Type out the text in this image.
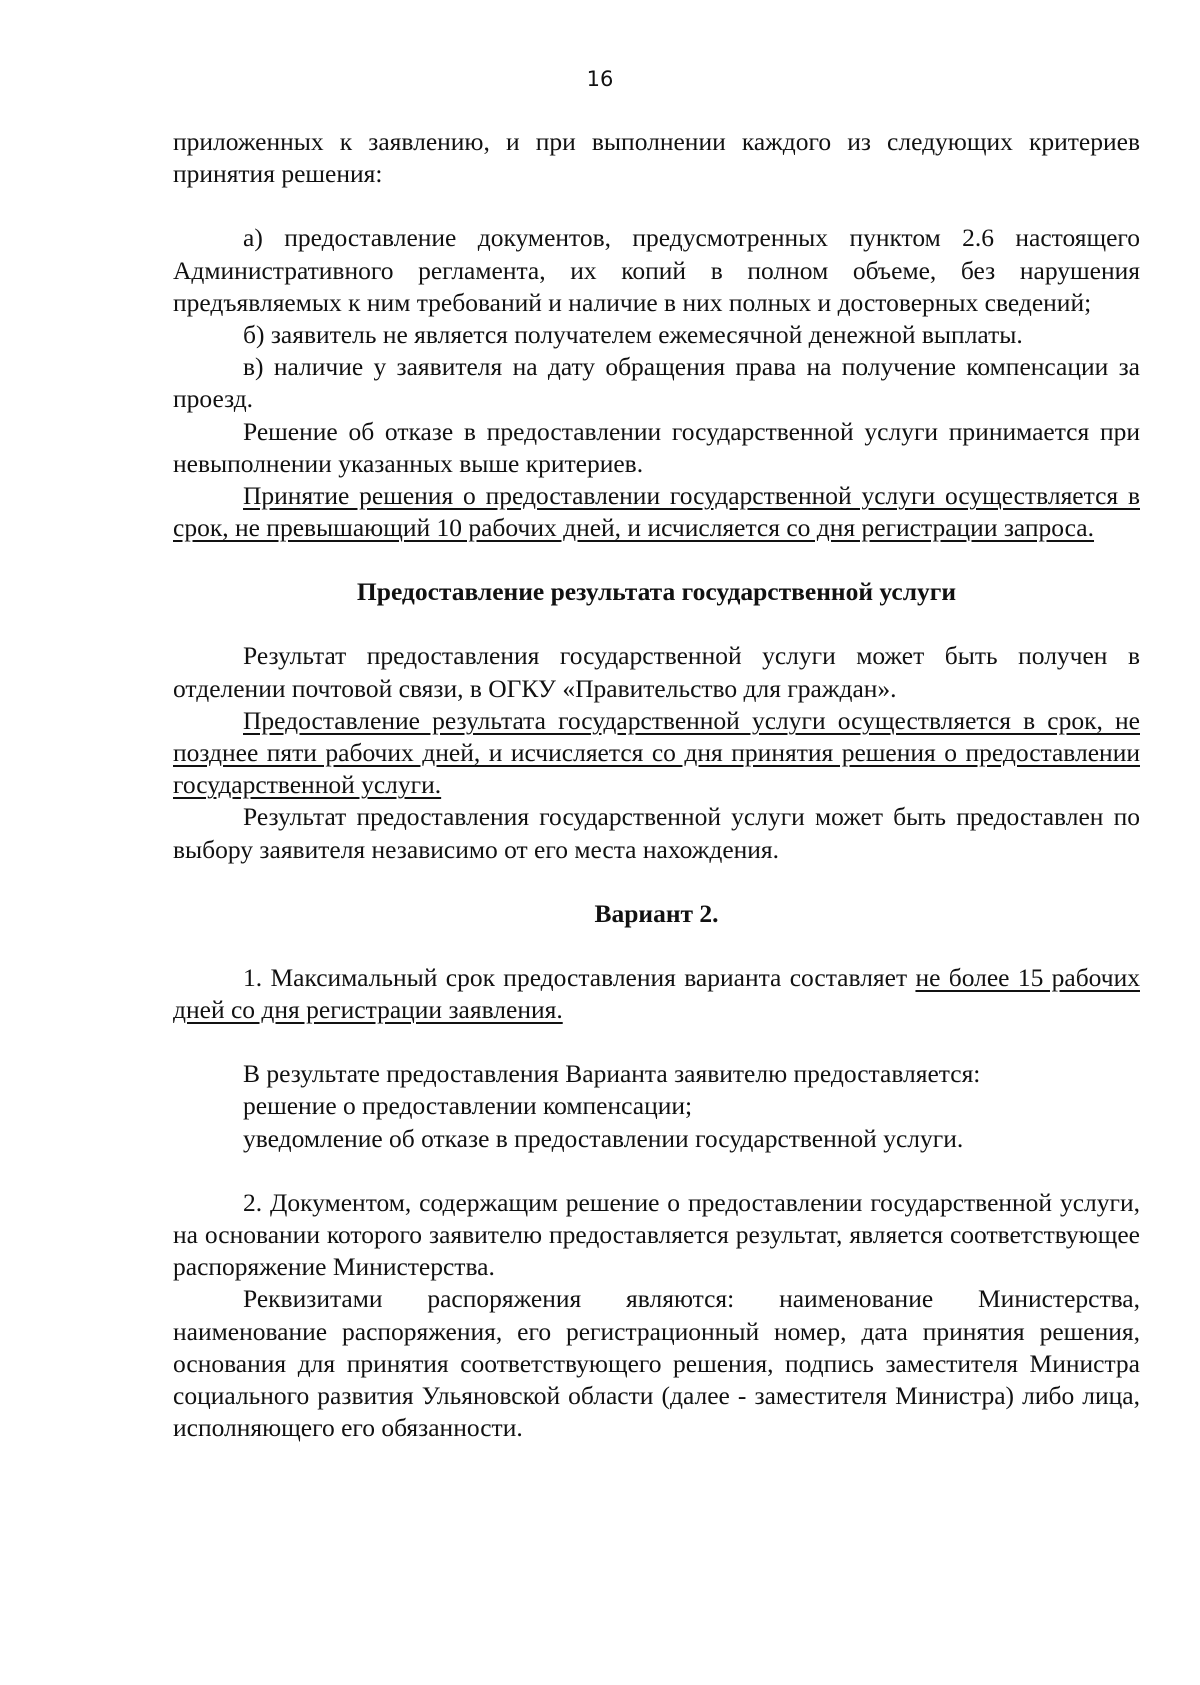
16

приложенных к заявлению, и при выполнении каждого из следующих критериев принятия решения:

а) предоставление документов, предусмотренных пунктом 2.6 настоящего Административного регламента, их копий в полном объеме, без нарушения предъявляемых к ним требований и наличие в них полных и достоверных сведений;

б) заявитель не является получателем ежемесячной денежной выплаты.

в) наличие у заявителя на дату обращения права на получение компенсации за проезд.

Решение об отказе в предоставлении государственной услуги принимается при невыполнении указанных выше критериев.

Принятие решения о предоставлении государственной услуги осуществляется в срок, не превышающий 10 рабочих дней, и исчисляется со дня регистрации запроса.

Предоставление результата государственной услуги

Результат предоставления государственной услуги может быть получен в отделении почтовой связи, в ОГКУ «Правительство для граждан».

Предоставление результата государственной услуги осуществляется в срок, не позднее пяти рабочих дней, и исчисляется со дня принятия решения о предоставлении государственной услуги.

Результат предоставления государственной услуги может быть предоставлен по выбору заявителя независимо от его места нахождения.

Вариант 2.

1. Максимальный срок предоставления варианта составляет не более 15 рабочих дней со дня регистрации заявления.

В результате предоставления Варианта заявителю предоставляется:

решение о предоставлении компенсации;

уведомление об отказе в предоставлении государственной услуги.

2. Документом, содержащим решение о предоставлении государственной услуги, на основании которого заявителю предоставляется результат, является соответствующее распоряжение Министерства.

Реквизитами распоряжения являются: наименование Министерства, наименование распоряжения, его регистрационный номер, дата принятия решения, основания для принятия соответствующего решения, подпись заместителя Министра социального развития Ульяновской области (далее - заместителя Министра) либо лица, исполняющего его обязанности.
